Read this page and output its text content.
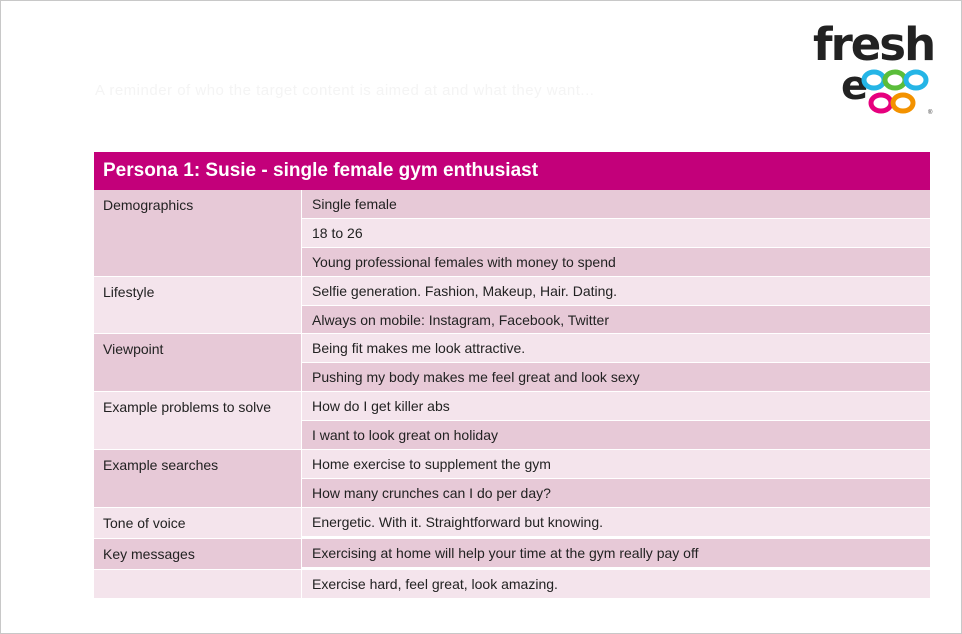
A reminder of who the target content is aimed at and what they want...
fresh
e
®
Persona 1: Susie - single female gym enthusiast
Demographics	Single female
18 to 26
Young professional females with money to spend
Lifestyle	Selfie generation. Fashion, Makeup, Hair. Dating.
Always on mobile: Instagram, Facebook, Twitter
Viewpoint	Being fit makes me look attractive.
Pushing my body makes me feel great and look sexy
Example problems to solve	How do I get killer abs
I want to look great on holiday
Example searches	Home exercise to supplement the gym
How many crunches can I do per day?
Tone of voice	Energetic. With it. Straightforward but knowing.
Key messages	Exercising at home will help your time at the gym really pay off
Exercise hard, feel great, look amazing.
